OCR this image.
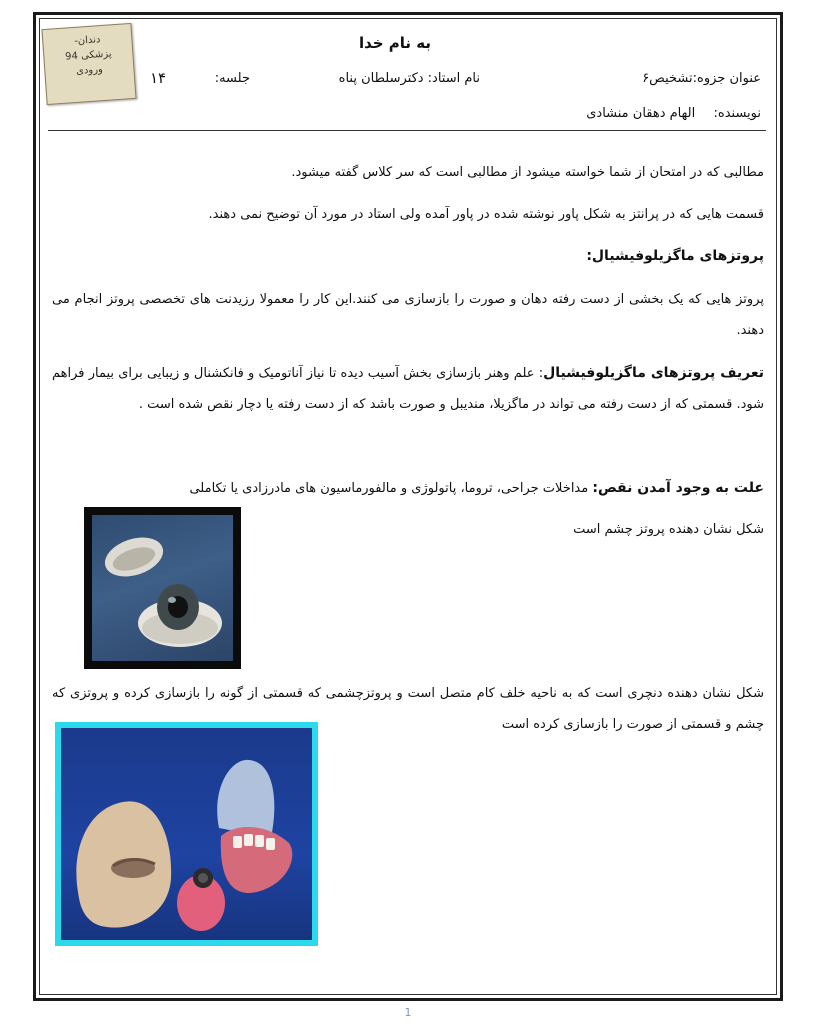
دندان-
پزشکی 94
ورودی
به نام خدا
عنوان جزوه:تشخیص۶
نام استاد: دکترسلطان پناه
جلسه:
۱۴
نویسنده:  الهام دهقان منشادی
مطالبی که در امتحان از شما خواسته میشود از مطالبی است که سر کلاس گفته میشود.
قسمت هایی که در پرانتز به شکل پاور نوشته شده در پاور آمده ولی استاد در مورد آن توضیح نمی دهند.
پروتزهای ماگزیلوفیشیال:
پروتز هایی که یک بخشی از دست رفته دهان و صورت را بازسازی می کنند.این کار را معمولا رزیدنت های تخصصی پروتز انجام می دهند.
تعریف پروتزهای ماگزیلوفیشیال: علم وهنر بازسازی بخش آسیب دیده تا نیاز آناتومیک و فانکشنال و زیبایی برای بیمار فراهم شود. قسمتی که از دست رفته می تواند در ماگزیلا، مندیبل و صورت باشد که از دست رفته یا دچار نقص شده است .
علت به وجود آمدن نقص: مداخلات جراحی، تروما، پاتولوژی و مالفورماسیون های مادرزادی یا تکاملی
شکل نشان دهنده پروتز چشم است
شکل نشان دهنده دنچری است که به ناحیه خلف کام متصل است و پروتزچشمی که قسمتی از گونه را بازسازی کرده و پروتزی که چشم و قسمتی از صورت را بازسازی کرده است
1
